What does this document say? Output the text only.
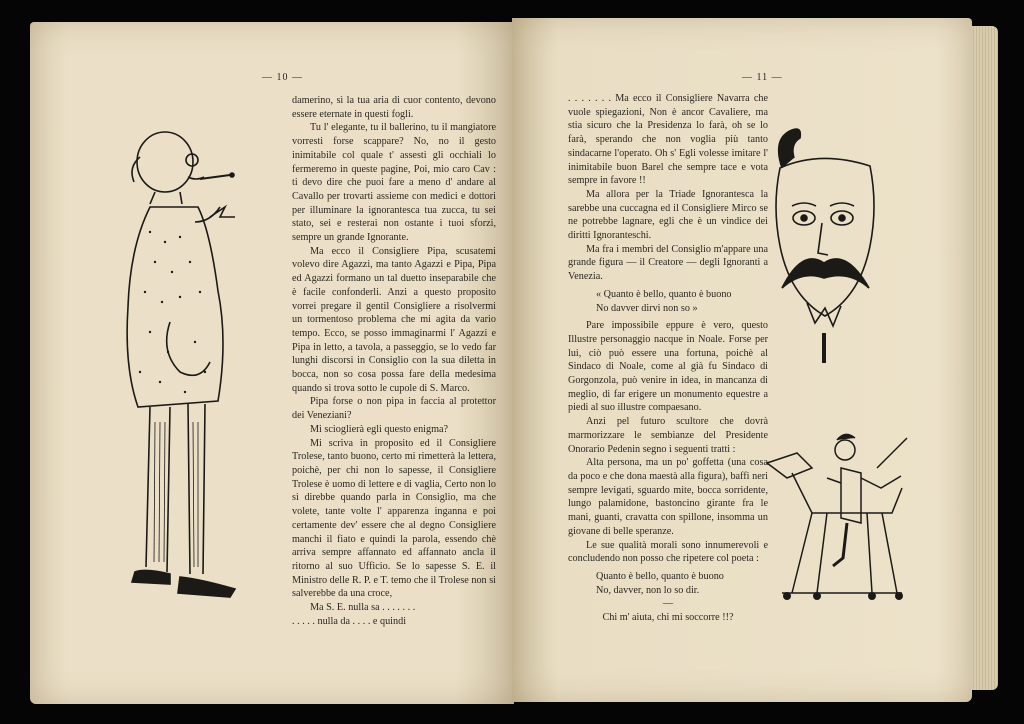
— 10 —

damerino, sì la tua aria di cuor contento, devono essere eternate in questi fogli.

Tu l' elegante, tu il ballerino, tu il mangiatore vorresti forse scappare? No, no il gesto inimitabile col quale t' assesti gli occhiali lo fermeremo in queste pagine, Poi, mio caro Cav : ti devo dire che puoi fare a meno d' andare al Cavallo per trovarti assieme con medici e dottori per illuminare la ignorantesca tua zucca, tu sei stato, sei e resterai non ostante i tuoi sforzi, sempre un grande Ignorante.

Ma ecco il Consigliere Pipa, scusatemi volevo dire Agazzi, ma tanto Agazzi e Pipa, Pipa ed Agazzi formano un tal duetto inseparabile che è facile confonderli. Anzi a questo proposito vorrei pregare il gentil Consigliere a risolvermi un tormentoso problema che mi agita da vario tempo. Ecco, se posso immaginarmi l' Agazzi e Pipa in letto, a tavola, a passeggio, se lo vedo far lunghi discorsi in Consiglio con la sua diletta in bocca, non so cosa possa fare della medesima quando si trova sotto le cupole di S. Marco.

Pipa forse o non pipa in faccia al protettor dei Veneziani?

Mi scioglierà egli questo enigma?

Mi scriva in proposito ed il Consigliere Trolese, tanto buono, certo mi rimetterà la lettera, poichè, per chi non lo sapesse, il Consigliere Trolese è uomo di lettere e di vaglia, Certo non lo si direbbe quando parla in Consiglio, ma che volete, tante volte l' apparenza inganna e poi certamente dev' essere che al degno Consigliere manchi il fiato e quindi la parola, essendo chè arriva sempre affannato ed affannato ancla il ritorno al suo Ufficio. Se lo sapesse S. E. il Ministro delle R. P. e T. temo che il Trolese non si salverebbe da una croce,

Ma S. E. nulla sa . . . . . . .

. . . . . nulla da . . . . e quindi

— 11 —

. . . . . . . Ma ecco il Consigliere Navarra che vuole spiegazioni, Non è ancor Cavaliere, ma stia sicuro che la Presidenza lo farà, oh se lo farà, sperando che non voglia più tanto sindacarne l'operato. Oh s' Egli volesse imitare l' inimitabile buon Barel che sempre tace e vota sempre in favore !!

Ma allora per la Triade Ignorantesca la sarebbe una cuccagna ed il Consigliere Mirco se ne potrebbe lagnare, egli che è un vindice dei diritti Ignoranteschi.

Ma fra i membri del Consiglio m'appare una grande figura — il Creatore — degli Ignoranti a Venezia.

« Quanto è bello, quanto è buono

No davver dirvi non so »

Pare impossibile eppure è vero, questo Illustre personaggio nacque in Noale. Forse per lui, ciò può essere una fortuna, poichè al Sindaco di Noale, come al già fu Sindaco di Gorgonzola, può venire in idea, in mancanza di meglio, di far erigere un monumento equestre a piedi al suo illustre compaesano.

Anzi pel futuro scultore che dovrà marmorizzare le sembianze del Presidente Onorario Pedenin segno i seguenti tratti :

Alta persona, ma un po' goffetta (una cosa da poco e che dona maestà alla figura), baffi neri sempre levigati, sguardo mite, bocca sorridente, lungo palamidone, bastoncino girante fra le mani, guanti, cravatta con spillone, insomma un giovane di belle speranze.

Le sue qualità morali sono innumerevoli e concludendo non posso che ripetere col poeta :

Quanto è bello, quanto è buono

No, davver, non lo so dir.

—

Chi m' aiuta, chi mi soccorre !!?
